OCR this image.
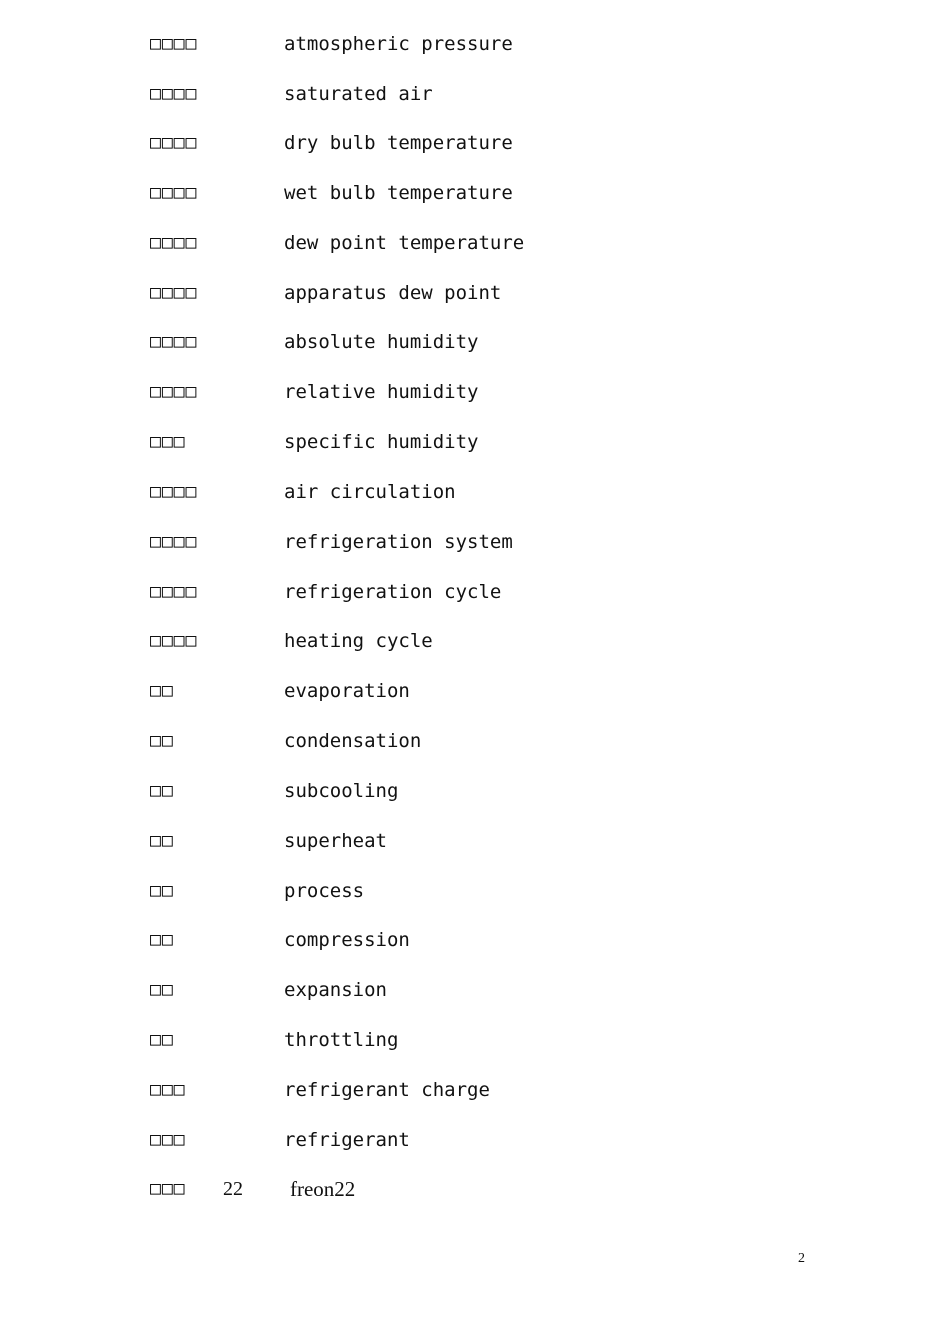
□□□□	atmospheric pressure
□□□□	saturated air
□□□□	dry bulb temperature
□□□□	wet bulb temperature
□□□□	dew point temperature
□□□□	apparatus dew point
□□□□	absolute humidity
□□□□	relative humidity
□□□	specific humidity
□□□□	air circulation
□□□□	refrigeration system
□□□□	refrigeration cycle
□□□□	heating cycle
□□	evaporation
□□	condensation
□□	subcooling
□□	superheat
□□	process
□□	compression
□□	expansion
□□	throttling
□□□	refrigerant charge
□□□	refrigerant
□□□ 22 freon22
2
